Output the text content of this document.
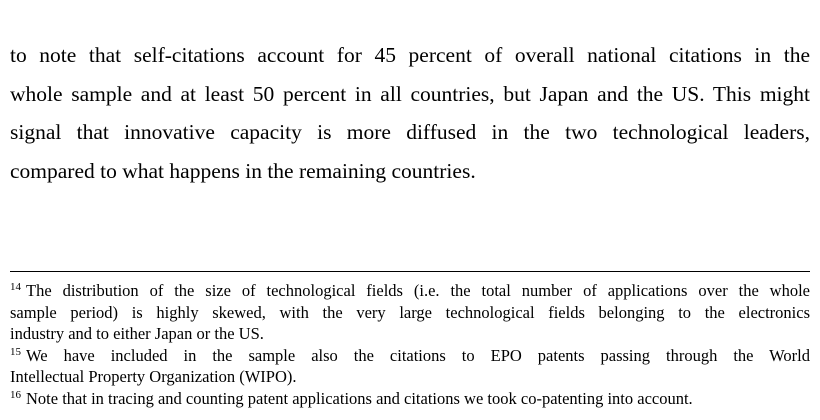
to note that self-citations account for 45 percent of overall national citations in the
whole sample and at least 50 percent in all countries, but Japan and the US. This might
signal that innovative capacity is more diffused in the two technological leaders,
compared to what happens in the remaining countries.
$^{14}$ The distribution of the size of technological fields (i.e. the total number of applications over the whole
sample period) is highly skewed, with the very large technological fields belonging to the electronics
industry and to either Japan or the US.
$^{15}$ We have included in the sample also the citations to EPO patents passing through the World
Intellectual Property Organization (WIPO).
$^{16}$ Note that in tracing and counting patent applications and citations we took co-patenting into account.
